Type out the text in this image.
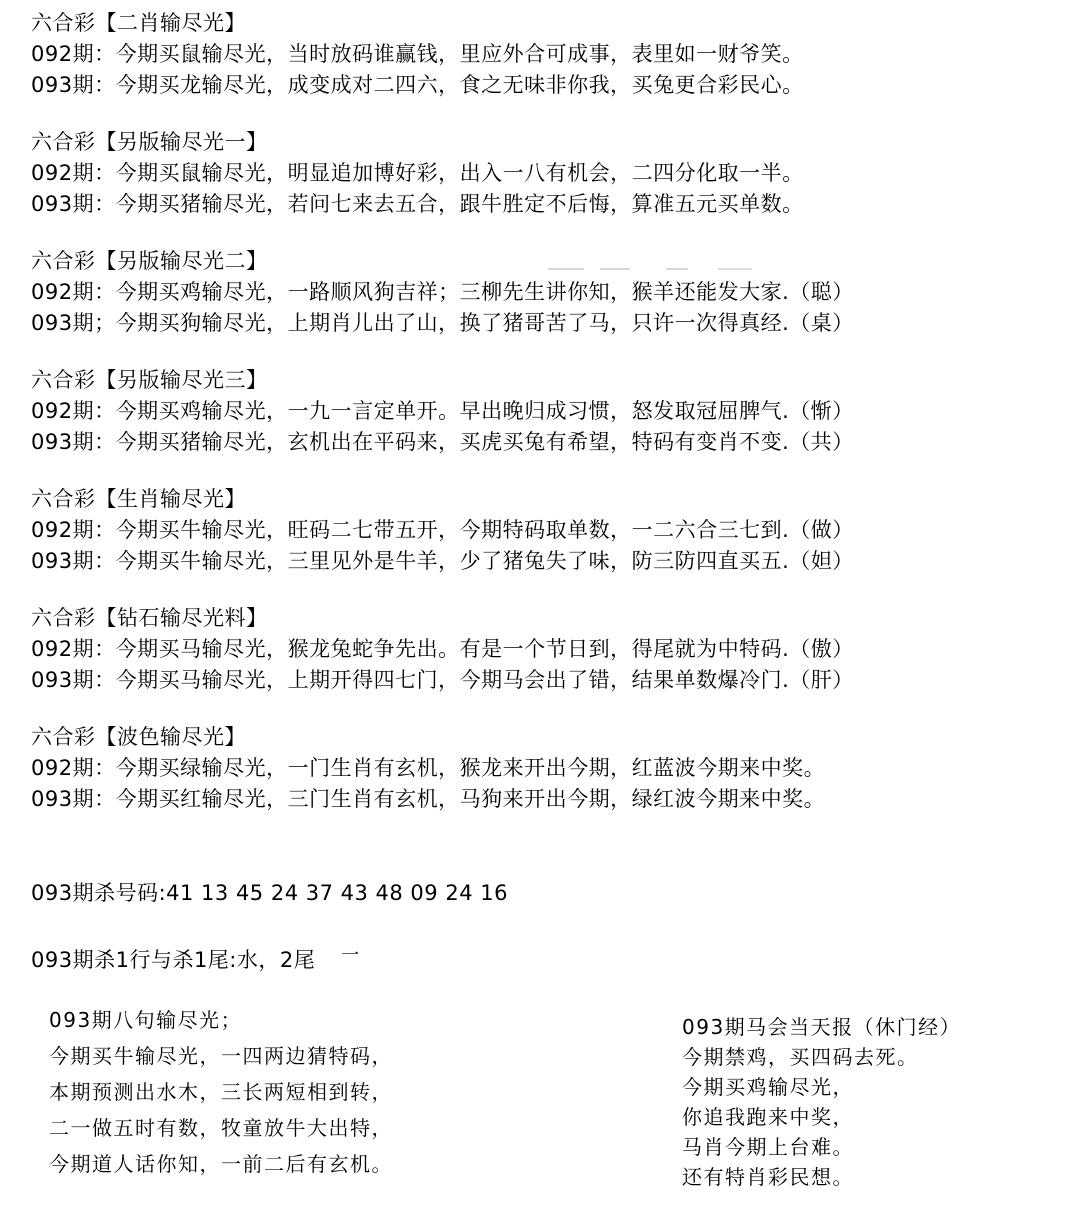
六合彩【二肖输尽光】
092期：今期买鼠输尽光，当时放码谁赢钱，里应外合可成事，表里如一财爷笑。
093期：今期买龙输尽光，成变成对二四六，食之无味非你我，买兔更合彩民心。
六合彩【另版输尽光一】
092期：今期买鼠输尽光，明显追加博好彩，出入一八有机会，二四分化取一半。
093期：今期买猪输尽光，若问七来去五合，跟牛胜定不后悔，算准五元买单数。
六合彩【另版输尽光二】
092期：今期买鸡输尽光，一路顺风狗吉祥；三柳先生讲你知，猴羊还能发大家.（聪）
093期；今期买狗输尽光，上期肖儿出了山，换了猪哥苦了马，只许一次得真经.（桌）
六合彩【另版输尽光三】
092期：今期买鸡输尽光，一九一言定单开。早出晚归成习惯，怒发取冠屈脾气.（惭）
093期：今期买猪输尽光，玄机出在平码来，买虎买兔有希望，特码有变肖不变.（共）
六合彩【生肖输尽光】
092期：今期买牛输尽光，旺码二七带五开，今期特码取单数，一二六合三七到.（做）
093期：今期买牛输尽光，三里见外是牛羊，少了猪兔失了味，防三防四直买五.（妲）
六合彩【钻石输尽光料】
092期：今期买马输尽光，猴龙兔蛇争先出。有是一个节日到，得尾就为中特码.（傲）
093期：今期买马输尽光，上期开得四七门，今期马会出了错，结果单数爆冷门.（肝）
六合彩【波色输尽光】
092期：今期买绿输尽光，一门生肖有玄机，猴龙来开出今期，红蓝波今期来中奖。
093期：今期买红输尽光，三门生肖有玄机，马狗来开出今期，绿红波今期来中奖。
093期杀号码:41 13 45 24 37 43 48 09 24 16
093期杀1行与杀1尾:水，2尾 一
093期八句输尽光；
今期买牛输尽光，一四两边猜特码，
本期预测出水木，三长两短相到转，
二一做五时有数，牧童放牛大出特，
今期道人话你知，一前二后有玄机。
093期马会当天报（休门经）
今期禁鸡，买四码去死。
今期买鸡输尽光，
你追我跑来中奖，
马肖今期上台难。
还有特肖彩民想。
